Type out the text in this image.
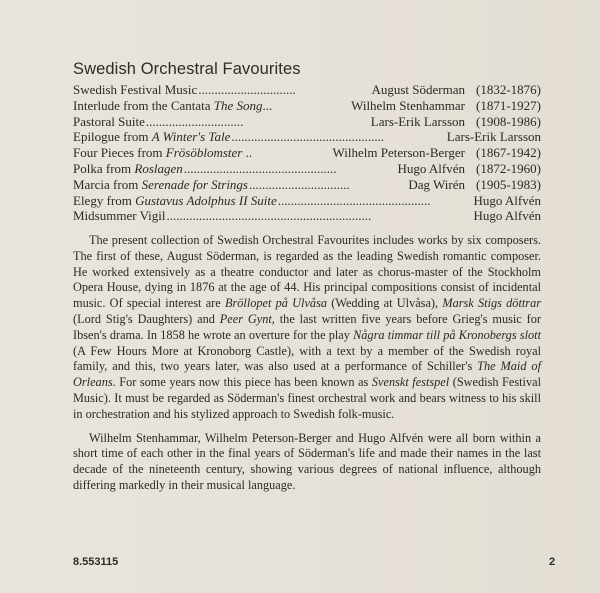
Swedish Orchestral Favourites
Swedish Festival Music ..............................	August Söderman (1832-1876)
Interlude from the Cantata The Song...	Wilhelm Stenhammar (1871-1927)
Pastoral Suite ..............................	Lars-Erik Larsson (1908-1986)
Epilogue from A Winter's Tale ...............................................	Lars-Erik Larsson
Four Pieces from Frösöblomster ..	Wilhelm Peterson-Berger (1867-1942)
Polka from Roslagen ...............................................	Hugo Alfvén (1872-1960)
Marcia from Serenade for Strings ...............................	Dag Wirén (1905-1983)
Elegy from Gustavus Adolphus II Suite ...............................................	Hugo Alfvén
Midsummer Vigil ...............................................................	Hugo Alfvén

The present collection of Swedish Orchestral Favourites includes works by six composers. The first of these, August Söderman, is regarded as the leading Swedish romantic composer. He worked extensively as a theatre conductor and later as chorus-master of the Stockholm Opera House, dying in 1876 at the age of 44. His principal compositions consist of incidental music. Of special interest are Bröllopet på Ulvåsa (Wedding at Ulvåsa), Marsk Stigs döttrar (Lord Stig's Daughters) and Peer Gynt, the last written five years before Grieg's music for Ibsen's drama. In 1858 he wrote an overture for the play Några timmar till på Kronobergs slott (A Few Hours More at Kronoborg Castle), with a text by a member of the Swedish royal family, and this, two years later, was also used at a performance of Schiller's The Maid of Orleans. For some years now this piece has been known as Svenskt festspel (Swedish Festival Music). It must be regarded as Söderman's finest orchestral work and bears witness to his skill in orchestration and his stylized approach to Swedish folk-music.

Wilhelm Stenhammar, Wilhelm Peterson-Berger and Hugo Alfvén were all born within a short time of each other in the final years of Söderman's life and made their names in the last decade of the nineteenth century, showing various degrees of national influence, although differing markedly in their musical language.

8.553115	2
